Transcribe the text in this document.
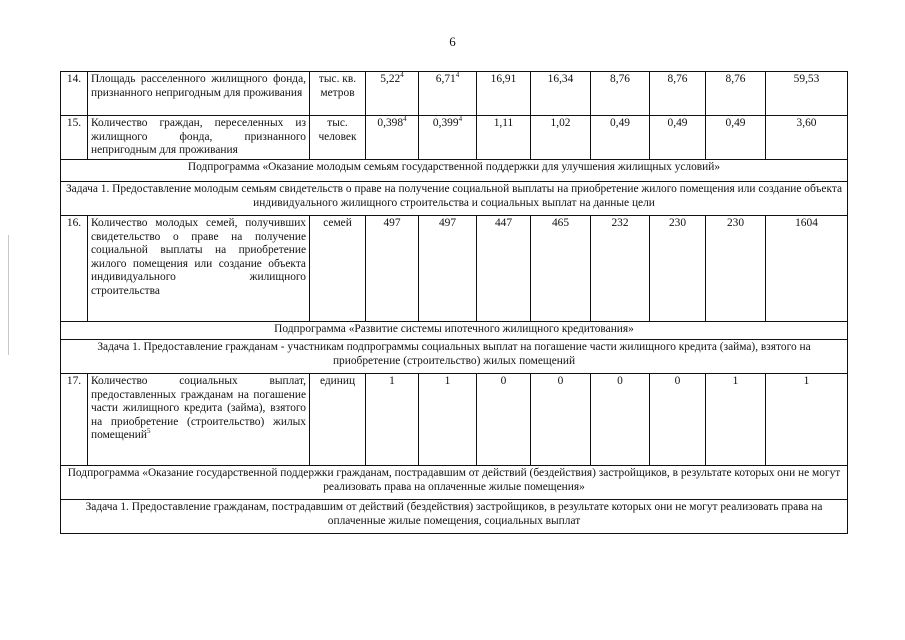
6
14.	Площадь расселенного жилищного фонда, признанного непригодным для проживания	тыс. кв. метров	5,22$^4$	6,71$^4$	16,91	16,34	8,76	8,76	8,76	59,53
15.	Количество граждан, переселенных из жилищного фонда, признанного непригодным для проживания	тыс. человек	0,398$^4$	0,399$^4$	1,11	1,02	0,49	0,49	0,49	3,60
Подпрограмма «Оказание молодым семьям государственной поддержки для улучшения жилищных условий»										
Задача 1. Предоставление молодым семьям свидетельств о праве на получение социальной выплаты на приобретение жилого помещения или создание объекта индивидуального жилищного строительства и социальных выплат на данные цели										
16.	Количество молодых семей, получивших свидетельство о праве на получение социальной выплаты на приобретение жилого помещения или создание объекта индивидуального жилищного строительства	семей	497	497	447	465	232	230	230	1604
Подпрограмма «Развитие системы ипотечного жилищного кредитования»										
Задача 1. Предоставление гражданам - участникам подпрограммы социальных выплат на погашение части жилищного кредита (займа), взятого на приобретение (строительство) жилых помещений										
17.	Количество социальных выплат, предоставленных гражданам на погашение части жилищного кредита (займа), взятого на приобретение (строительство) жилых помещений$^5$	единиц	1	1	0	0	0	0	1	1
Подпрограмма «Оказание государственной поддержки гражданам, пострадавшим от действий (бездействия) застройщиков, в результате которых они не могут реализовать права на оплаченные жилые помещения»										
Задача 1. Предоставление гражданам, пострадавшим от действий (бездействия) застройщиков, в результате которых они не могут реализовать права на оплаченные жилые помещения, социальных выплат										
